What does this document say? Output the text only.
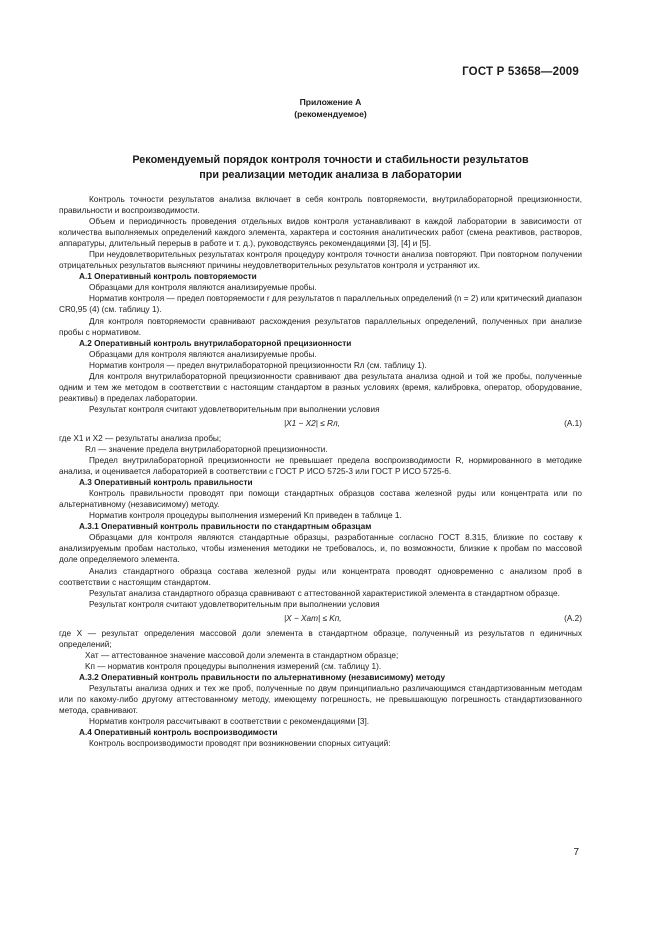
ГОСТ Р 53658—2009
Приложение А
(рекомендуемое)
Рекомендуемый порядок контроля точности и стабильности результатов
при реализации методик анализа в лаборатории

Контроль точности результатов анализа включает в себя контроль повторяемости, внутрилабораторной прецизионности, правильности и воспроизводимости.

Объем и периодичность проведения отдельных видов контроля устанавливают в каждой лаборатории в зависимости от количества выполняемых определений каждого элемента, характера и состояния аналитических работ (смена реактивов, растворов, аппаратуры, длительный перерыв в работе и т. д.), руководствуясь рекомендациями [3], [4] и [5].

При неудовлетворительных результатах контроля процедуру контроля точности анализа повторяют. При повторном получении отрицательных результатов выясняют причины неудовлетворительных результатов контроля и устраняют их.

А.1 Оперативный контроль повторяемости

Образцами для контроля являются анализируемые пробы.

Норматив контроля — предел повторяемости r для результатов n параллельных определений (n = 2) или критический диапазон CR0,95 (4) (см. таблицу 1).

Для контроля повторяемости сравнивают расхождения результатов параллельных определений, полученных при анализе пробы с нормативом.

А.2 Оперативный контроль внутрилабораторной прецизионности

Образцами для контроля являются анализируемые пробы.

Норматив контроля — предел внутрилабораторной прецизионности Rл (см. таблицу 1).

Для контроля внутрилабораторной прецизионности сравнивают два результата анализа одной и той же пробы, полученные одним и тем же методом в соответствии с настоящим стандартом в разных условиях (время, калибровка, оператор, оборудование, реактивы) в пределах лаборатории.

Результат контроля считают удовлетворительным при выполнении условия

|X1 − X2| ≤ Rл,	(А.1)

где X1 и X2 — результаты анализа пробы;

Rл — значение предела внутрилабораторной прецизионности.

Предел внутрилабораторной прецизионности не превышает предела воспроизводимости R, нормированного в методике анализа, и оценивается лабораторией в соответствии с ГОСТ Р ИСО 5725-3 или ГОСТ Р ИСО 5725-6.

А.3 Оперативный контроль правильности

Контроль правильности проводят при помощи стандартных образцов состава железной руды или концентрата или по альтернативному (независимому) методу.

Норматив контроля процедуры выполнения измерений Kп приведен в таблице 1.

А.3.1 Оперативный контроль правильности по стандартным образцам

Образцами для контроля являются стандартные образцы, разработанные согласно ГОСТ 8.315, близкие по составу к анализируемым пробам настолько, чтобы изменения методики не требовалось, и, по возможности, близкие к пробам по массовой доле определяемого элемента.

Анализ стандартного образца состава железной руды или концентрата проводят одновременно с анализом проб в соответствии с настоящим стандартом.

Результат анализа стандартного образца сравнивают с аттестованной характеристикой элемента в стандартном образце.

Результат контроля считают удовлетворительным при выполнении условия

|X − Xат| ≤ Kп,	(А.2)

где X — результат определения массовой доли элемента в стандартном образце, полученный из результатов n единичных определений;

Xат — аттестованное значение массовой доли элемента в стандартном образце;

Kп — норматив контроля процедуры выполнения измерений (см. таблицу 1).

А.3.2 Оперативный контроль правильности по альтернативному (независимому) методу

Результаты анализа одних и тех же проб, полученные по двум принципиально различающимся стандартизованным методам или по какому-либо другому аттестованному методу, имеющему погрешность, не превышающую погрешность стандартизованного метода, сравнивают.

Норматив контроля рассчитывают в соответствии с рекомендациями [3].

А.4 Оперативный контроль воспроизводимости

Контроль воспроизводимости проводят при возникновении спорных ситуаций:

7
